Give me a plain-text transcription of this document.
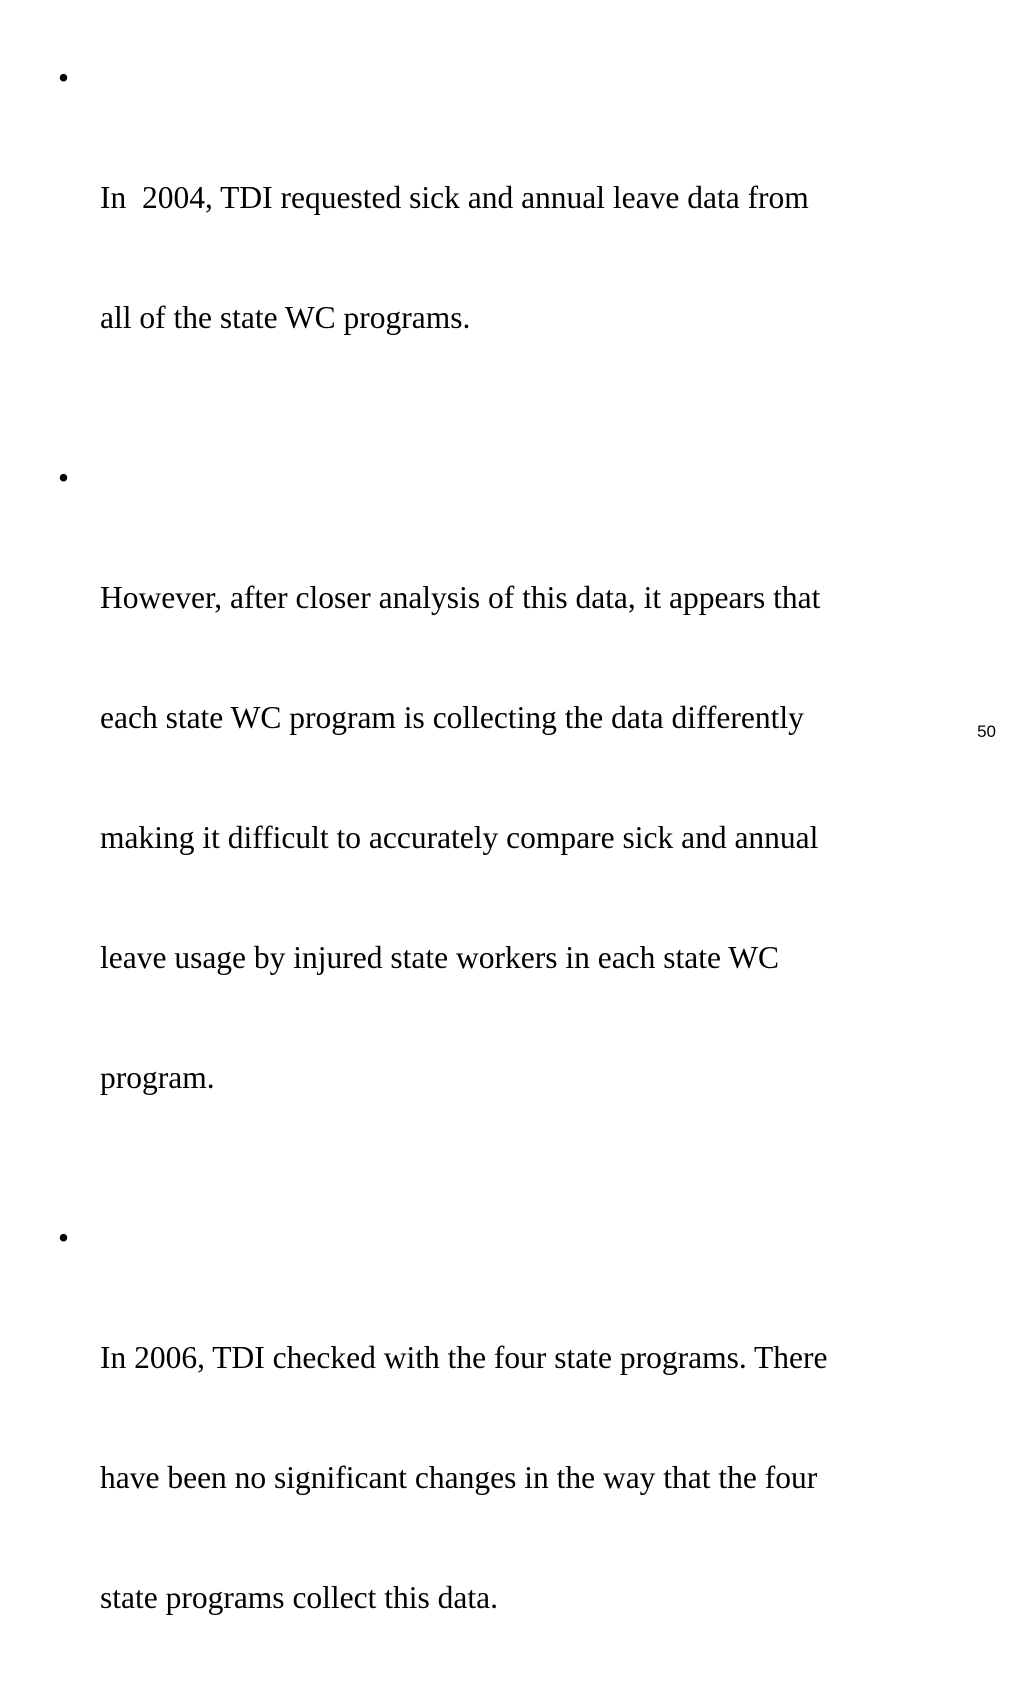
•

In  2004, TDI requested sick and annual leave data from

all of the state WC programs.

•

However, after closer analysis of this data, it appears that

each state WC program is collecting the data differently

making it difficult to accurately compare sick and annual

leave usage by injured state workers in each state WC

program.

•

In 2006, TDI checked with the four state programs. There

have been no significant changes in the way that the four

state programs collect this data.

50
